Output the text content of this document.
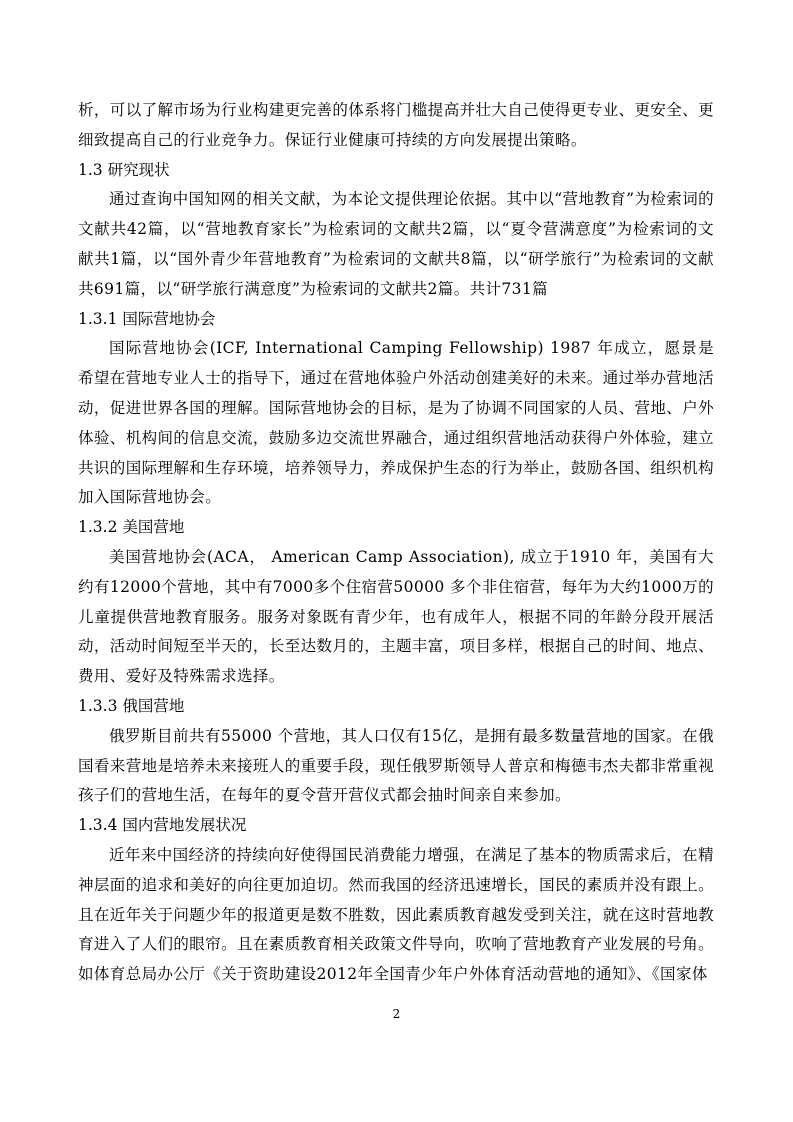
析，可以了解市场为行业构建更完善的体系将门槛提高并壮大自己使得更专业、更安全、更细致提高自己的行业竞争力。保证行业健康可持续的方向发展提出策略。

1.3 研究现状

通过查询中国知网的相关文献，为本论文提供理论依据。其中以“营地教育”为检索词的文献共42篇，以“营地教育家长”为检索词的文献共2篇，以“夏令营满意度”为检索词的文献共1篇，以“国外青少年营地教育”为检索词的文献共8篇，以“研学旅行”为检索词的文献共691篇，以“研学旅行满意度”为检索词的文献共2篇。共计731篇

1.3.1 国际营地协会

国际营地协会(ICF, International Camping Fellowship) 1987 年成立，愿景是希望在营地专业人士的指导下，通过在营地体验户外活动创建美好的未来。通过举办营地活动，促进世界各国的理解。国际营地协会的目标，是为了协调不同国家的人员、营地、户外体验、机构间的信息交流，鼓励多边交流世界融合，通过组织营地活动获得户外体验，建立共识的国际理解和生存环境，培养领导力，养成保护生态的行为举止，鼓励各国、组织机构加入国际营地协会。

1.3.2 美国营地

美国营地协会(ACA， American Camp Association), 成立于1910 年，美国有大约有12000个营地，其中有7000多个住宿营50000 多个非住宿营，每年为大约1000万的儿童提供营地教育服务。服务对象既有青少年，也有成年人，根据不同的年龄分段开展活动，活动时间短至半天的，长至达数月的，主题丰富，项目多样，根据自己的时间、地点、费用、爱好及特殊需求选择。

1.3.3 俄国营地

俄罗斯目前共有55000 个营地，其人口仅有15亿，是拥有最多数量营地的国家。在俄国看来营地是培养未来接班人的重要手段，现任俄罗斯领导人普京和梅德韦杰夫都非常重视孩子们的营地生活，在每年的夏令营开营仪式都会抽时间亲自来参加。

1.3.4 国内营地发展状况

近年来中国经济的持续向好使得国民消费能力增强，在满足了基本的物质需求后，在精神层面的追求和美好的向往更加迫切。然而我国的经济迅速增长，国民的素质并没有跟上。且在近年关于问题少年的报道更是数不胜数，因此素质教育越发受到关注，就在这时营地教育进入了人们的眼帘。且在素质教育相关政策文件导向，吹响了营地教育产业发展的号角。如体育总局办公厅《关于资助建设2012年全国青少年户外体育活动营地的通知》、《国家体

2
